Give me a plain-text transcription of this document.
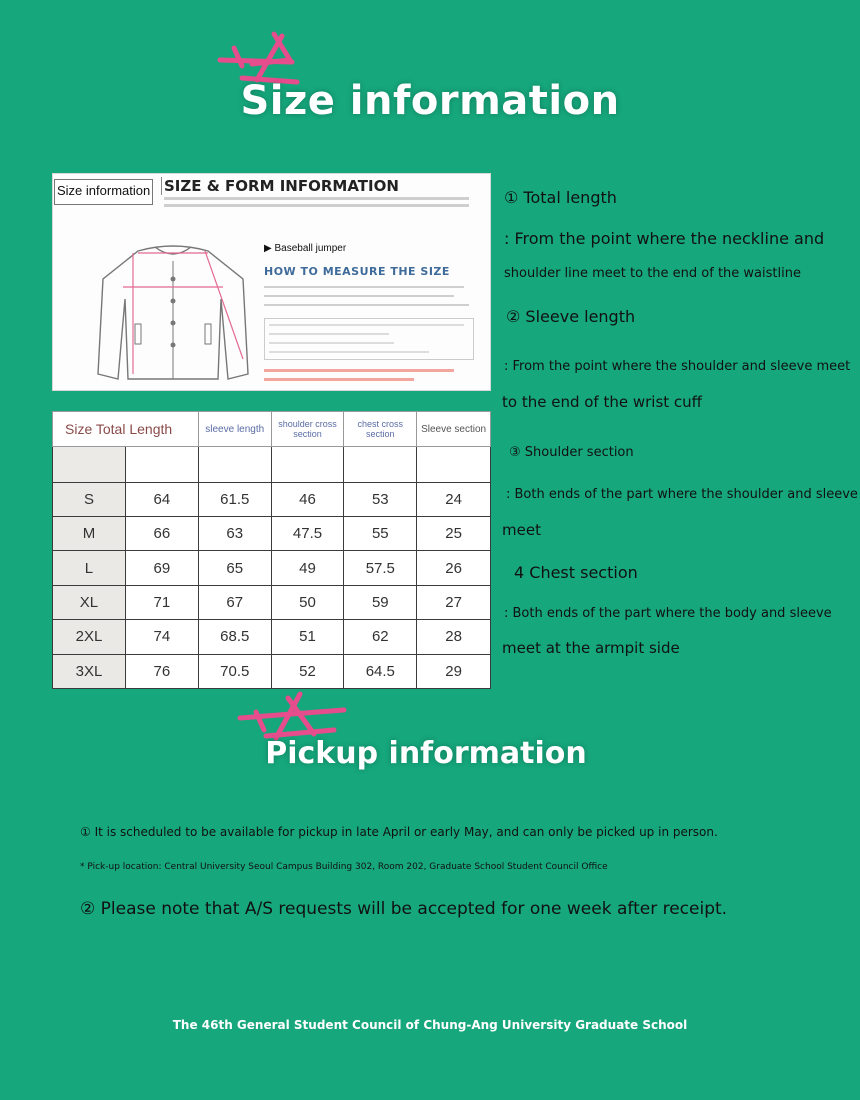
Size information
Size information SIZE & FORM INFORMATION
▶ Baseball jumper
HOW TO MEASURE THE SIZE
Size Total Length		sleeve length	shoulder cross section	chest cross section	Sleeve section

S	64	61.5	46	53	24
M	66	63	47.5	55	25
L	69	65	49	57.5	26
XL	71	67	50	59	27
2XL	74	68.5	51	62	28
3XL	76	70.5	52	64.5	29
① Total length
: From the point where the neckline and
shoulder line meet to the end of the waistline
② Sleeve length
: From the point where the shoulder and sleeve meet
to the end of the wrist cuff
③ Shoulder section
: Both ends of the part where the shoulder and sleeve
meet
4 Chest section
: Both ends of the part where the body and sleeve
meet at the armpit side
Pickup information
① It is scheduled to be available for pickup in late April or early May, and can only be picked up in person.
* Pick-up location: Central University Seoul Campus Building 302, Room 202, Graduate School Student Council Office
② Please note that A/S requests will be accepted for one week after receipt.
The 46th General Student Council of Chung-Ang University Graduate School
